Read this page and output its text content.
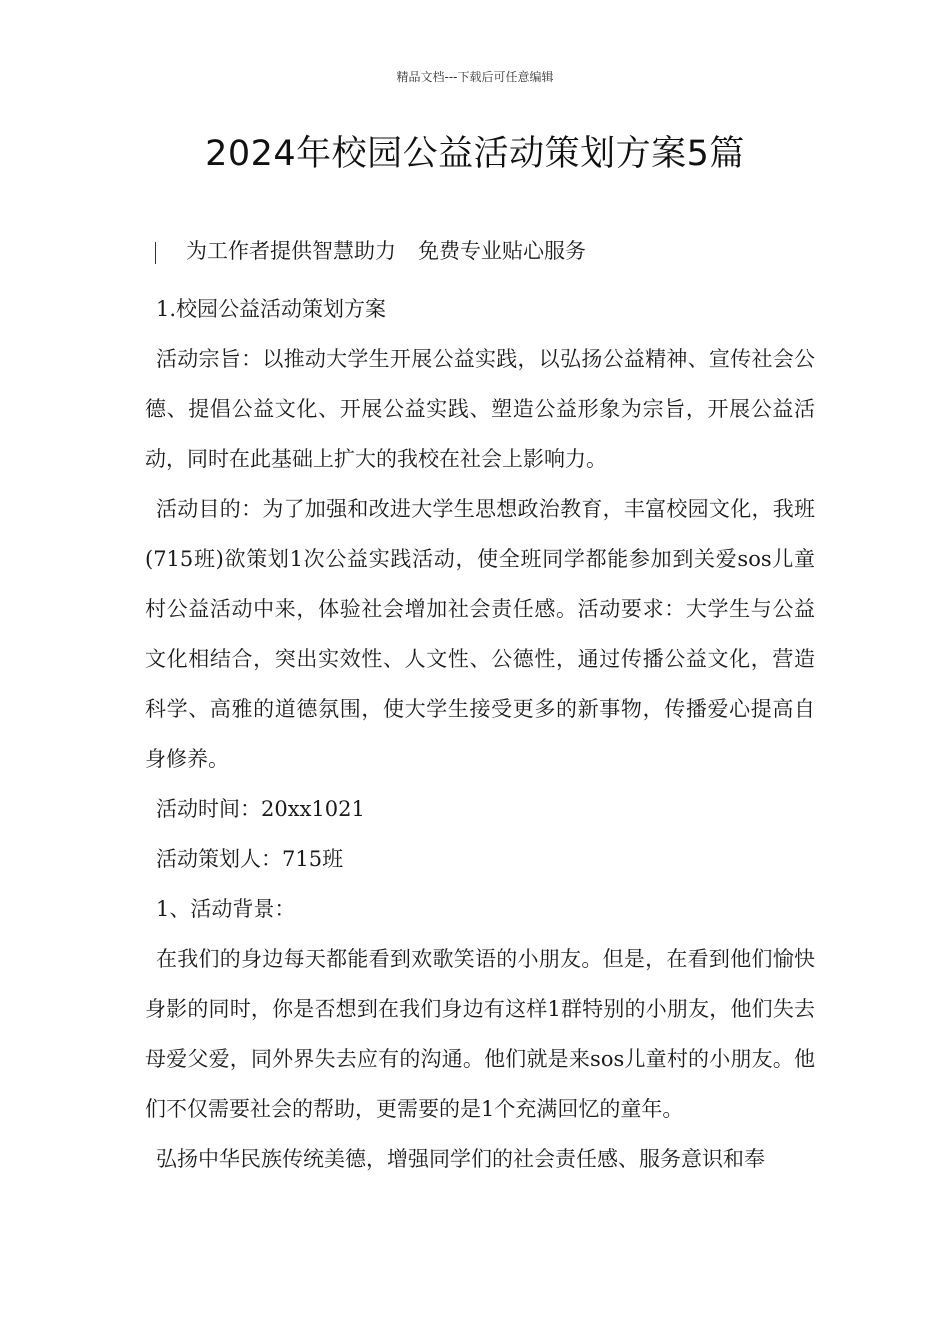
精品文档---下载后可任意编辑
2024年校园公益活动策划方案5篇
为工作者提供智慧助力 免费专业贴心服务

1.校园公益活动策划方案

活动宗旨：以推动大学生开展公益实践，以弘扬公益精神、宣传社会公德、提倡公益文化、开展公益实践、塑造公益形象为宗旨，开展公益活动，同时在此基础上扩大的我校在社会上影响力。

活动目的：为了加强和改进大学生思想政治教育，丰富校园文化，我班(715班)欲策划1次公益实践活动，使全班同学都能参加到关爱sos儿童村公益活动中来，体验社会增加社会责任感。活动要求：大学生与公益文化相结合，突出实效性、人文性、公德性，通过传播公益文化，营造科学、高雅的道德氛围，使大学生接受更多的新事物，传播爱心提高自身修养。

活动时间：20xx1021

活动策划人：715班

1、活动背景：

在我们的身边每天都能看到欢歌笑语的小朋友。但是，在看到他们愉快身影的同时，你是否想到在我们身边有这样1群特别的小朋友，他们失去母爱父爱，同外界失去应有的沟通。他们就是来sos儿童村的小朋友。他们不仅需要社会的帮助，更需要的是1个充满回忆的童年。

弘扬中华民族传统美德，增强同学们的社会责任感、服务意识和奉
